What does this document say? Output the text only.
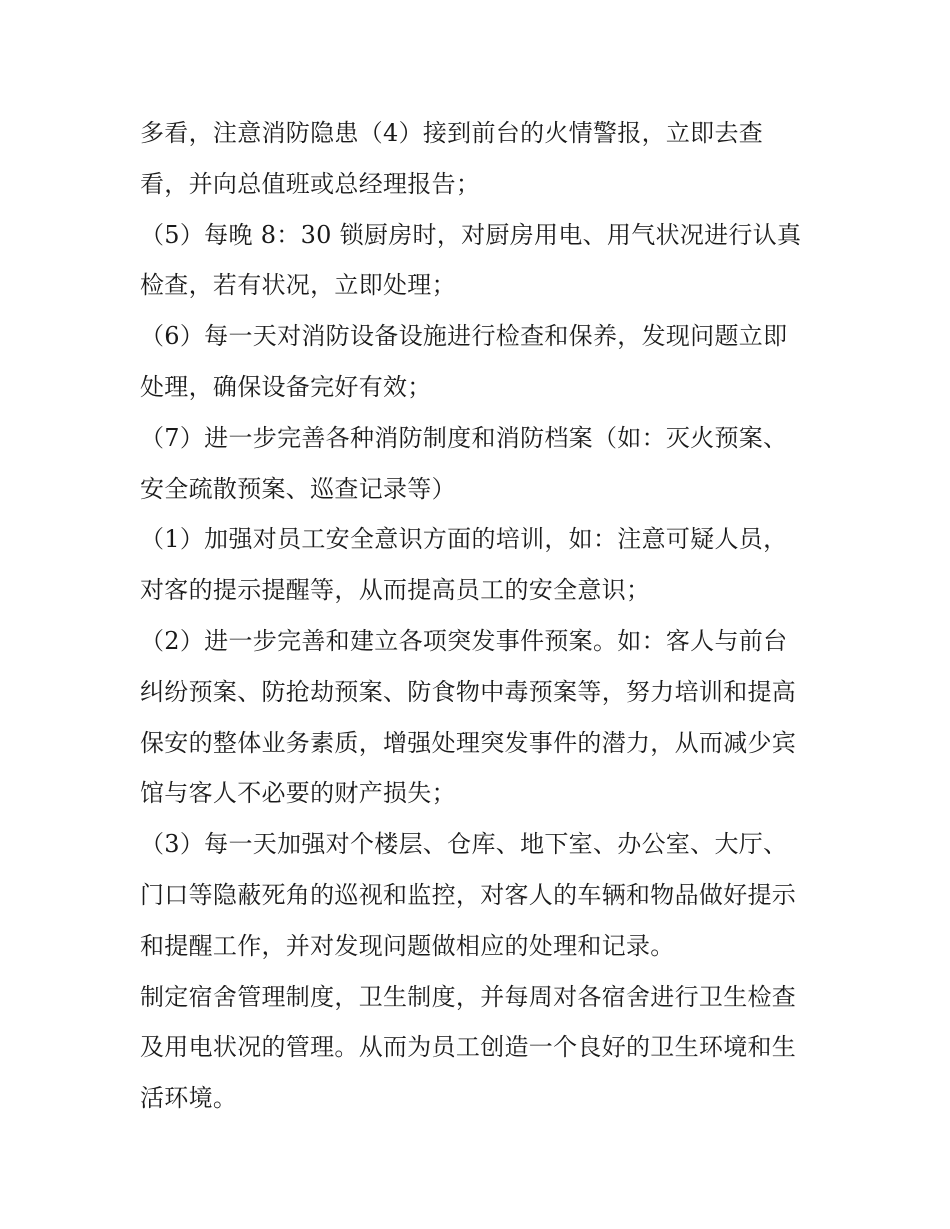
多看，注意消防隐患（4）接到前台的火情警报，立即去查
看，并向总值班或总经理报告；
（5）每晚 8：30 锁厨房时，对厨房用电、用气状况进行认真
检查，若有状况，立即处理；
（6）每一天对消防设备设施进行检查和保养，发现问题立即
处理，确保设备完好有效；
（7）进一步完善各种消防制度和消防档案（如：灭火预案、
安全疏散预案、巡查记录等）
（1）加强对员工安全意识方面的培训，如：注意可疑人员，
对客的提示提醒等，从而提高员工的安全意识；
（2）进一步完善和建立各项突发事件预案。如：客人与前台
纠纷预案、防抢劫预案、防食物中毒预案等，努力培训和提高
保安的整体业务素质，增强处理突发事件的潜力，从而减少宾
馆与客人不必要的财产损失；
（3）每一天加强对个楼层、仓库、地下室、办公室、大厅、
门口等隐蔽死角的巡视和监控，对客人的车辆和物品做好提示
和提醒工作，并对发现问题做相应的处理和记录。
制定宿舍管理制度，卫生制度，并每周对各宿舍进行卫生检查
及用电状况的管理。从而为员工创造一个良好的卫生环境和生
活环境。
